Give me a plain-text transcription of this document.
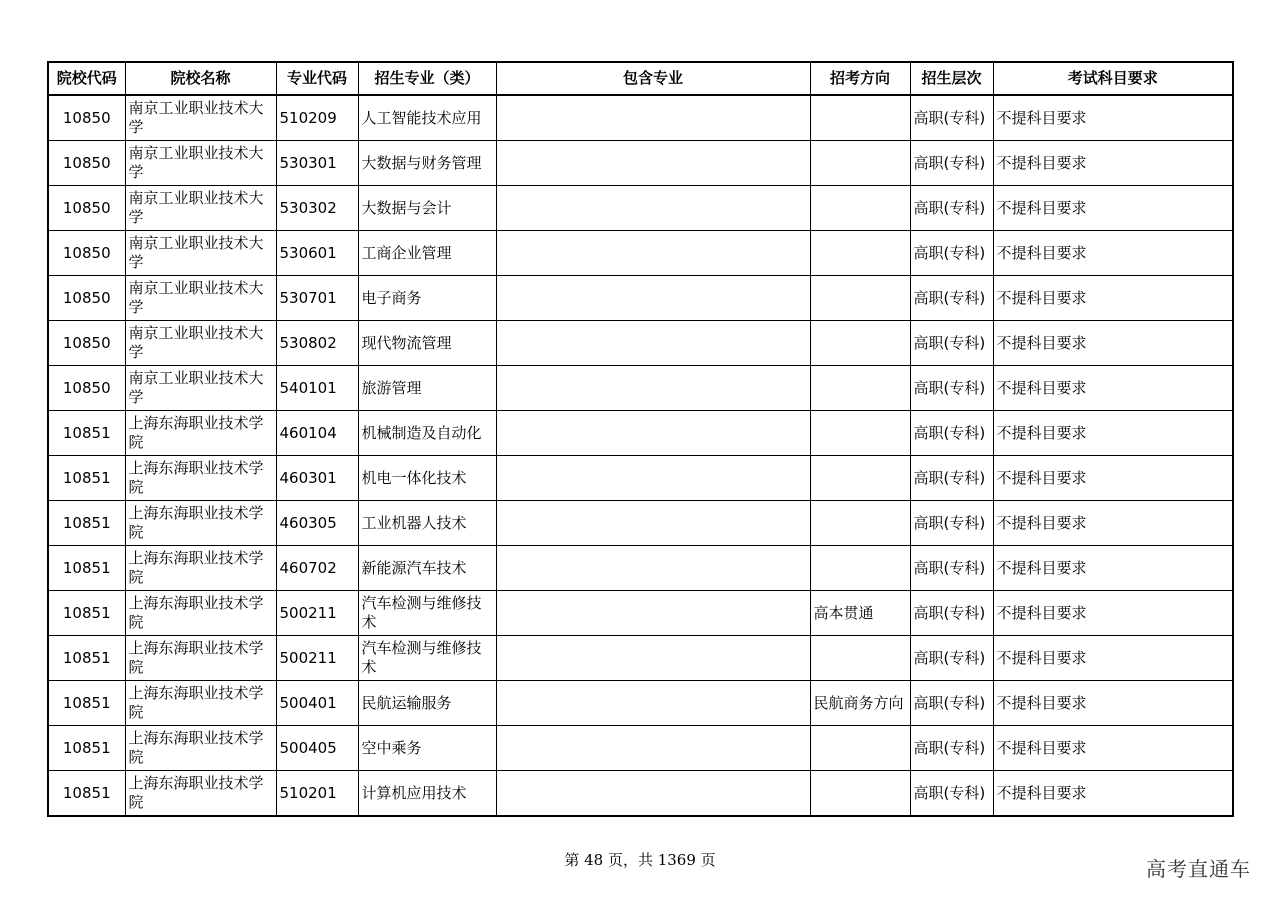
院校代码	院校名称	专业代码	招生专业（类）	包含专业	招考方向	招生层次	考试科目要求
10850	南京工业职业技术大学	510209	人工智能技术应用			高职(专科)	不提科目要求
10850	南京工业职业技术大学	530301	大数据与财务管理			高职(专科)	不提科目要求
10850	南京工业职业技术大学	530302	大数据与会计			高职(专科)	不提科目要求
10850	南京工业职业技术大学	530601	工商企业管理			高职(专科)	不提科目要求
10850	南京工业职业技术大学	530701	电子商务			高职(专科)	不提科目要求
10850	南京工业职业技术大学	530802	现代物流管理			高职(专科)	不提科目要求
10850	南京工业职业技术大学	540101	旅游管理			高职(专科)	不提科目要求
10851	上海东海职业技术学院	460104	机械制造及自动化			高职(专科)	不提科目要求
10851	上海东海职业技术学院	460301	机电一体化技术			高职(专科)	不提科目要求
10851	上海东海职业技术学院	460305	工业机器人技术			高职(专科)	不提科目要求
10851	上海东海职业技术学院	460702	新能源汽车技术			高职(专科)	不提科目要求
10851	上海东海职业技术学院	500211	汽车检测与维修技术		高本贯通	高职(专科)	不提科目要求
10851	上海东海职业技术学院	500211	汽车检测与维修技术			高职(专科)	不提科目要求
10851	上海东海职业技术学院	500401	民航运输服务		民航商务方向	高职(专科)	不提科目要求
10851	上海东海职业技术学院	500405	空中乘务			高职(专科)	不提科目要求
10851	上海东海职业技术学院	510201	计算机应用技术			高职(专科)	不提科目要求
第 48 页，共 1369 页	高考直通车
